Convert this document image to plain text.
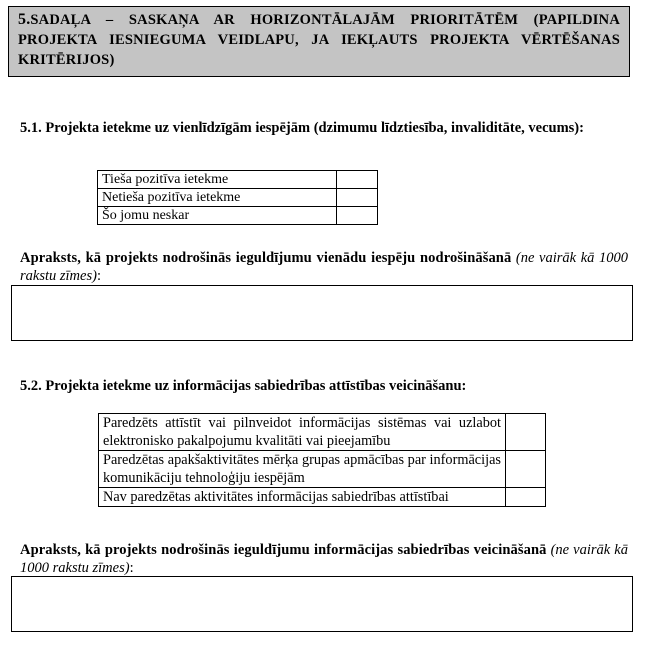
5.SADAĻA – SASKAŅA AR HORIZONTĀLAJĀM PRIORITĀTĒM (PAPILDINA PROJEKTA IESNIEGUMA VEIDLAPU, JA IEKĻAUTS PROJEKTA VĒRTĒŠANAS KRITĒRIJOS)
5.1. Projekta ietekme uz vienlīdzīgām iespējām (dzimumu līdztiesība, invaliditāte, vecums):
Tieša pozitīva ietekme	
Netieša pozitīva ietekme	
Šo jomu neskar	
Apraksts, kā projekts nodrošinās ieguldījumu vienādu iespēju nodrošināšanā (ne vairāk kā 1000 rakstu zīmes):
5.2. Projekta ietekme uz informācijas sabiedrības attīstības veicināšanu:
Paredzēts attīstīt vai pilnveidot informācijas sistēmas vai uzlabot elektronisko pakalpojumu kvalitāti vai pieejamību	
Paredzētas apakšaktivitātes mērķa grupas apmācības par informācijas komunikāciju tehnoloģiju iespējām	
Nav paredzētas aktivitātes informācijas sabiedrības attīstībai	
Apraksts, kā projekts nodrošinās ieguldījumu informācijas sabiedrības veicināšanā (ne vairāk kā 1000 rakstu zīmes):
